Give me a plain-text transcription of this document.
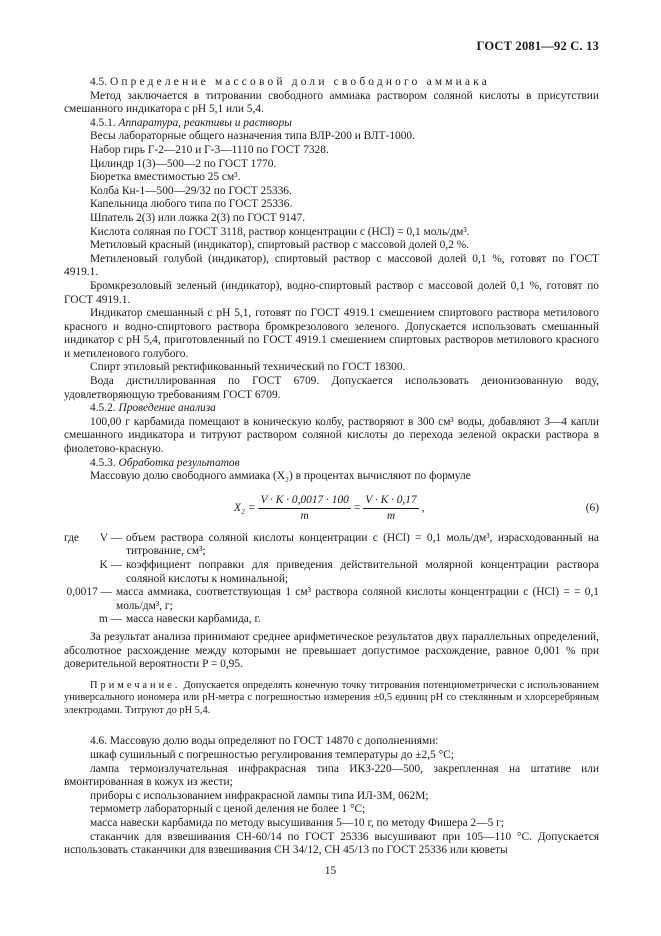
ГОСТ 2081—92 С. 13

4.5. Определение массовой доли свободного аммиака

Метод заключается в титровании свободного аммиака раствором соляной кислоты в присутствии смешанного индикатора с pH 5,1 или 5,4.

4.5.1. Аппаратура, реактивы и растворы

Весы лабораторные общего назначения типа ВЛР-200 и ВЛТ-1000.

Набор гирь Г-2—210 и Г-3—1110 по ГОСТ 7328.

Цилиндр 1(3)—500—2 по ГОСТ 1770.

Бюретка вместимостью 25 см³.

Колба Кн-1—500—29/32 по ГОСТ 25336.

Капельница любого типа по ГОСТ 25336.

Шпатель 2(3) или ложка 2(3) по ГОСТ 9147.

Кислота соляная по ГОСТ 3118, раствор концентрации c (HCl) = 0,1 моль/дм³.

Метиловый красный (индикатор), спиртовый раствор с массовой долей 0,2 %.

Метиленовый голубой (индикатор), спиртовый раствор с массовой долей 0,1 %, готовят по ГОСТ 4919.1.

Бромкрезоловый зеленый (индикатор), водно-спиртовый раствор с массовой долей 0,1 %, готовят по ГОСТ 4919.1.

Индикатор смешанный с pH 5,1, готовят по ГОСТ 4919.1 смешением спиртового раствора метилового красного и водно-спиртового раствора бромкрезолового зеленого. Допускается использовать смешанный индикатор с pH 5,4, приготовленный по ГОСТ 4919.1 смешением спиртовых растворов метилового красного и метиленового голубого.

Спирт этиловый ректификованный технический по ГОСТ 18300.

Вода дистиллированная по ГОСТ 6709. Допускается использовать деионизованную воду, удовлетворяющую требованиям ГОСТ 6709.

4.5.2. Проведение анализа

100,00 г карбамида помещают в коническую колбу, растворяют в 300 см³ воды, добавляют 3—4 капли смешанного индикатора и титруют раствором соляной кислоты до перехода зеленой окраски раствора в фиолетово-красную.

4.5.3. Обработка результатов

Массовую долю свободного аммиака (X₂) в процентах вычисляют по формуле

$X_2 = \frac{V \cdot K \cdot 0,0017 \cdot 100}{m} = \frac{V \cdot K \cdot 0,17}{m}$ ,	(6)
где	V — объем раствора соляной кислоты концентрации c (HCl) = 0,1 моль/дм³, израсходованный на титрование, см³;
K — коэффициент поправки для приведения действительной молярной концентрации раствора соляной кислоты к номинальной;
0,0017 — масса аммиака, соответствующая 1 см³ раствора соляной кислоты концентрации c (HCl) = = 0,1 моль/дм³, г;
m — масса навески карбамида, г.

За результат анализа принимают среднее арифметическое результатов двух параллельных определений, абсолютное расхождение между которыми не превышает допустимое расхождение, равное 0,001 % при доверительной вероятности P = 0,95.

Примечание. Допускается определять конечную точку титрования потенциометрически с использованием универсального иономера или pH-метра с погрешностью измерения ±0,5 единиц pH со стеклянным и хлорсеребряным электродами. Титруют до pH 5,4.

4.6. Массовую долю воды определяют по ГОСТ 14870 с дополнениями:

шкаф сушильный с погрешностью регулирования температуры до ±2,5 °С;

лампа термоизлучательная инфракрасная типа ИКЗ-220—500, закрепленная на штативе или вмонтированная в кожух из жести;

приборы с использованием инфракрасной лампы типа ИЛ-3М, 062М;

термометр лабораторный с ценой деления не более 1 °С;

масса навески карбамида по методу высушивания 5—10 г, по методу Фишера 2—5 г;

стаканчик для взвешивания СН-60/14 по ГОСТ 25336 высушивают при 105—110 °С. Допускается использовать стаканчики для взвешивания СН 34/12, СН 45/13 по ГОСТ 25336 или кюветы

15
